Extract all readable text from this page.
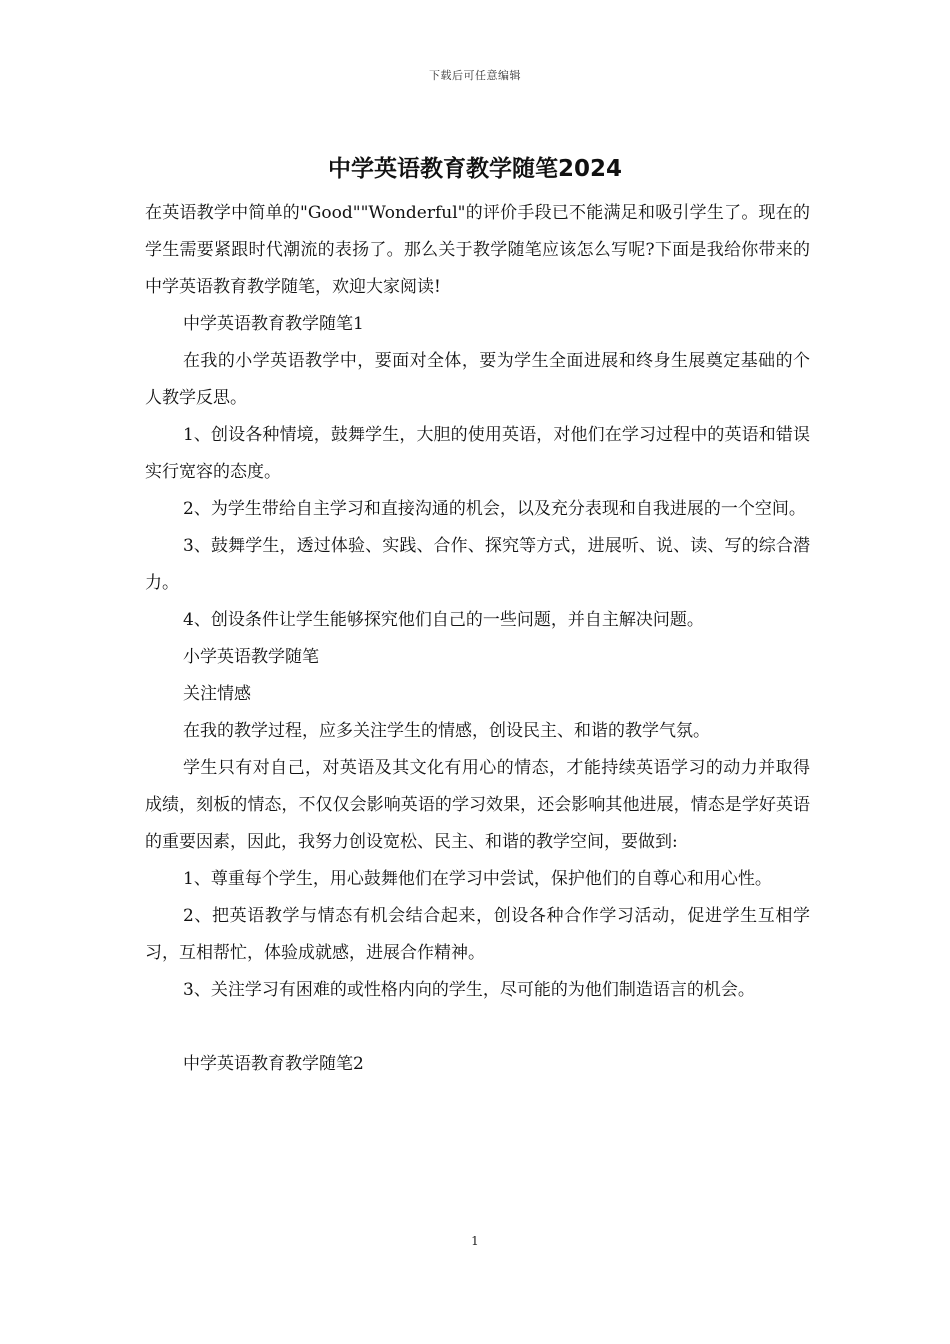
下载后可任意编辑
中学英语教育教学随笔2024

在英语教学中简单的"Good""Wonderful"的评价手段已不能满足和吸引学生了。现在的学生需要紧跟时代潮流的表扬了。那么关于教学随笔应该怎么写呢?下面是我给你带来的中学英语教育教学随笔，欢迎大家阅读!

中学英语教育教学随笔1

在我的小学英语教学中，要面对全体，要为学生全面进展和终身生展奠定基础的个人教学反思。

1、创设各种情境，鼓舞学生，大胆的使用英语，对他们在学习过程中的英语和错误实行宽容的态度。

2、为学生带给自主学习和直接沟通的机会，以及充分表现和自我进展的一个空间。

3、鼓舞学生，透过体验、实践、合作、探究等方式，进展听、说、读、写的综合潜力。

4、创设条件让学生能够探究他们自己的一些问题，并自主解决问题。

小学英语教学随笔

关注情感

在我的教学过程，应多关注学生的情感，创设民主、和谐的教学气氛。

学生只有对自己，对英语及其文化有用心的情态，才能持续英语学习的动力并取得成绩，刻板的情态，不仅仅会影响英语的学习效果，还会影响其他进展，情态是学好英语的重要因素，因此，我努力创设宽松、民主、和谐的教学空间，要做到:

1、尊重每个学生，用心鼓舞他们在学习中尝试，保护他们的自尊心和用心性。

2、把英语教学与情态有机会结合起来，创设各种合作学习活动，促进学生互相学习，互相帮忙，体验成就感，进展合作精神。

3、关注学习有困难的或性格内向的学生，尽可能的为他们制造语言的机会。

中学英语教育教学随笔2

1
